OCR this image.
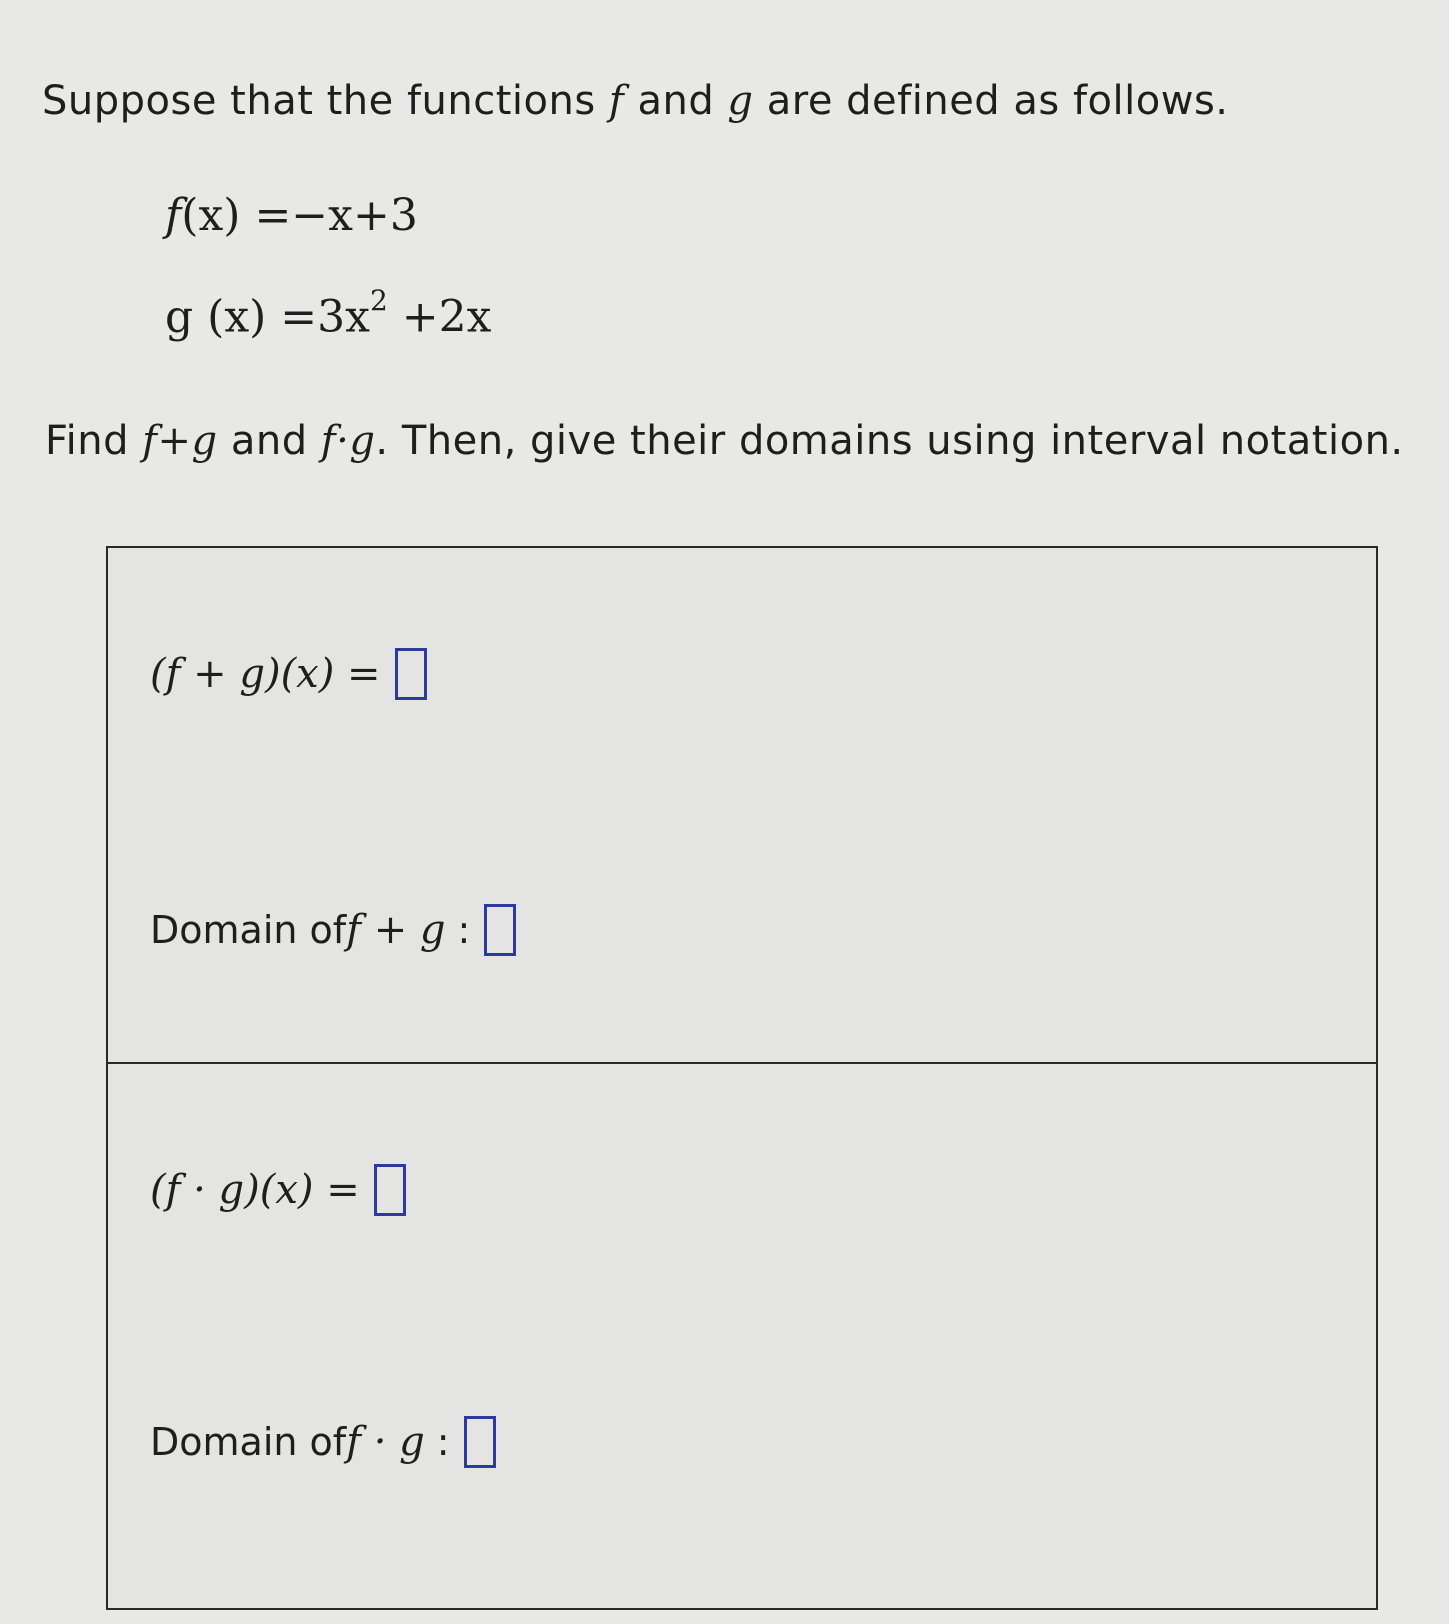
Suppose that the functions f and g are defined as follows.
f(x) =−x+3
g $(x) =3x^2 +2x$
Find f+g and f·g. Then, give their domains using interval notation.
(f + g)(x) =
Domain of f + g :
(f · g)(x) =
Domain of f · g :
